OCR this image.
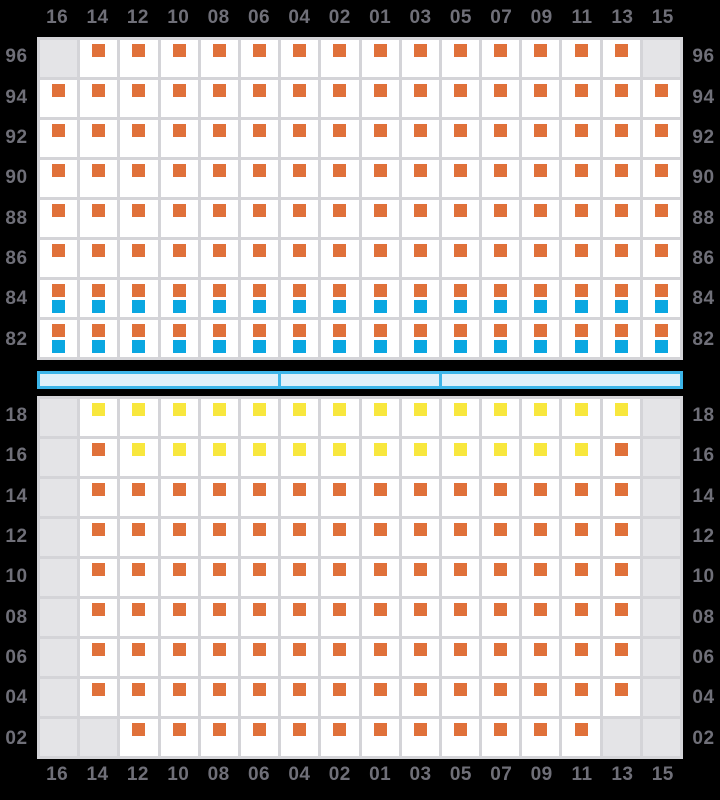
16 14 12 10 08 06 04 02 01 03 05 07 09 11 13 15
96
94
92
90
88
86
84
82
96
94
92
90
88
86
84
82
18
16
14
12
10
08
06
04
02
18
16
14
12
10
08
06
04
02
16 14 12 10 08 06 04 02 01 03 05 07 09 11 13 15
